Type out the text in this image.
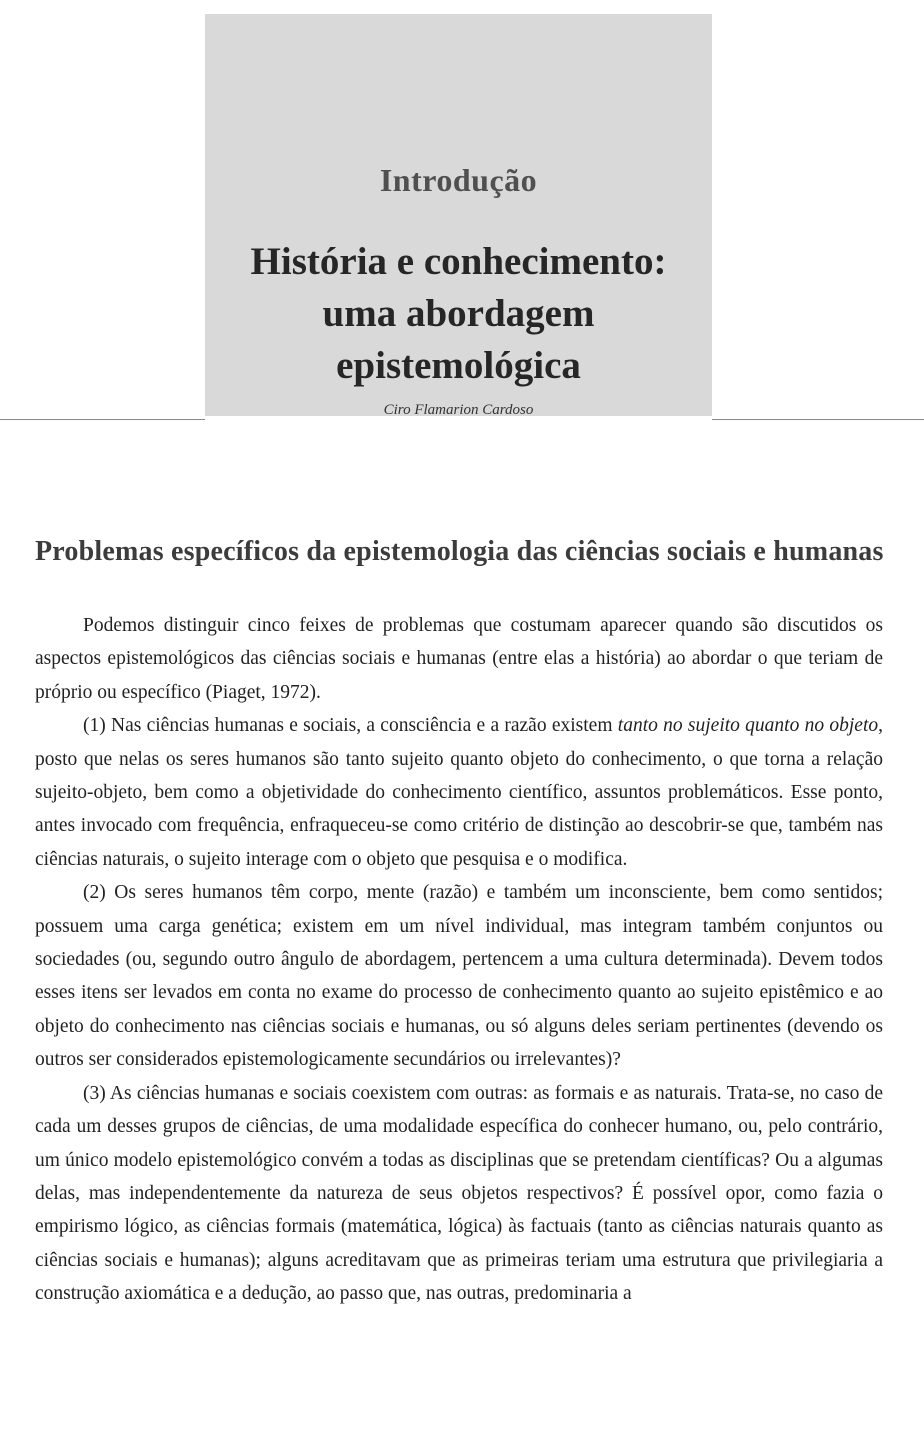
Introdução
História e conhecimento:
uma abordagem
epistemológica
Ciro Flamarion Cardoso
Problemas específicos da epistemologia das ciências sociais e humanas

Podemos distinguir cinco feixes de problemas que costumam aparecer quando são discutidos os aspectos epistemológicos das ciências sociais e humanas (entre elas a história) ao abordar o que teriam de próprio ou específico (Piaget, 1972).

(1) Nas ciências humanas e sociais, a consciência e a razão existem tanto no sujeito quanto no objeto, posto que nelas os seres humanos são tanto sujeito quanto objeto do conhecimento, o que torna a relação sujeito-objeto, bem como a objetividade do conhecimento científico, assuntos problemáticos. Esse ponto, antes invocado com frequência, enfraqueceu-se como critério de distinção ao descobrir-se que, também nas ciências naturais, o sujeito interage com o objeto que pesquisa e o modifica.

(2) Os seres humanos têm corpo, mente (razão) e também um inconsciente, bem como sentidos; possuem uma carga genética; existem em um nível individual, mas integram também conjuntos ou sociedades (ou, segundo outro ângulo de abordagem, pertencem a uma cultura determinada). Devem todos esses itens ser levados em conta no exame do processo de conhecimento quanto ao sujeito epistêmico e ao objeto do conhecimento nas ciências sociais e humanas, ou só alguns deles seriam pertinentes (devendo os outros ser considerados epistemologicamente secundários ou irrelevantes)?

(3) As ciências humanas e sociais coexistem com outras: as formais e as naturais. Trata-se, no caso de cada um desses grupos de ciências, de uma modalidade específica do conhecer humano, ou, pelo contrário, um único modelo epistemológico convém a todas as disciplinas que se pretendam científicas? Ou a algumas delas, mas independentemente da natureza de seus objetos respectivos? É possível opor, como fazia o empirismo lógico, as ciências formais (matemática, lógica) às factuais (tanto as ciências naturais quanto as ciências sociais e humanas); alguns acreditavam que as primeiras teriam uma estrutura que privilegiaria a construção axiomática e a dedução, ao passo que, nas outras, predominaria a
